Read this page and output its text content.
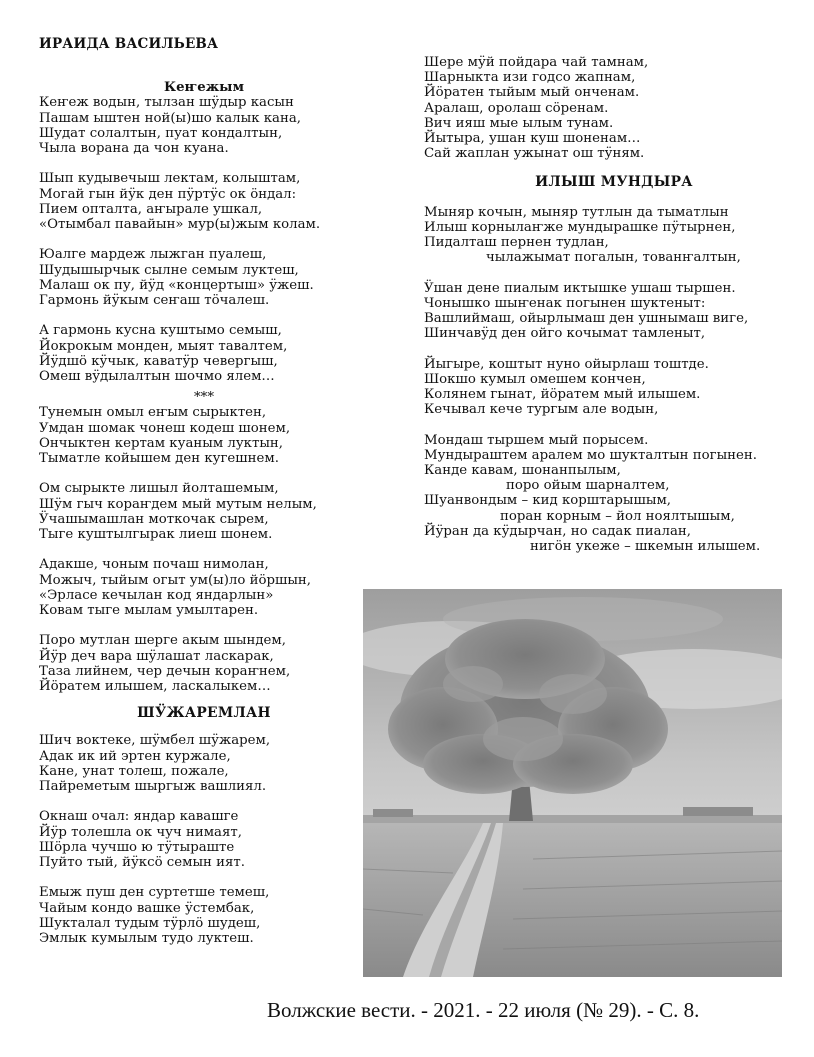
ИРАИДА ВАСИЛЬЕВА
Кеҥежым
Кеҥеж водын, тылзан шӱдыр касын
Пашам ыштен ной(ы)шо калык кана,
Шудат солалтын, пуат кондалтын,
Чыла ворана да чон куана.
Шып кудывечыш лектам, колыштам,
Могай гын йӱк ден пӱртӱс ок ӧндал:
Пием опталта, аҥырале ушкал,
«Отымбал павайын» мур(ы)жым колам.
Юалге мардеж лыжган пуалеш,
Шудышырчык сылне семым луктеш,
Малаш ок пу, йӱд «концертыш» ӱжеш.
Гармонь йӱкым сеҥаш тӧчалеш.
А гармонь кусна куштымо семыш,
Йокрокым монден, мыят тавалтем,
Йӱдшӧ кӱчык, каватӱр чевергыш,
Омеш вӱдылалтын шочмо ялем…
***
Тунемын омыл еҥым сырыктен,
Умдан шомак чонеш кодеш шонем,
Ончыктен кертам куаным луктын,
Тыматле койышем ден кугешнем.
Ом сырыкте лишыл йолташемым,
Шӱм гыч кораҥдем мый мутым нелым,
Ӱчашымашлан моткочак сырем,
Тыге куштылгырак лиеш шонем.
Адакше, чоным почаш нимолан,
Можыч, тыйым огыт ум(ы)ло йӧршын,
«Эрласе кечылан код яндарлын»
Ковам тыге мылам умылтарен.
Поро мутлан шерге акым шындем,
Йӱр деч вара шӱлашат ласкарак,
Таза лийнем, чер дечын кораҥнем,
Йӧратем илышем, ласкалыкем…
ШӰЖАРЕМЛАН
Шич воктеке, шӱмбел шӱжарем,
Адак ик ий эртен куржале,
Кане, унат толеш, пожале,
Пайреметым шыргыж вашлиял.
Окнаш очал: яндар кавашге
Йӱр толешла ок чуч нимаят,
Шӧрла чучшо ю тӱтыраште
Пуйто тый, йӱксӧ семын ият.
Емыж пуш ден суртетше темеш,
Чайым кондо вашке ӱстембак,
Шукталал тудым тӱрлӧ шудеш,
Эмлык кумылым тудо луктеш.
Шере мӱй пойдара чай тамнам,
Шарныкта изи годсо жапнам,
Йӧратен тыйым мый онченам.
Аралаш, оролаш сӧренам.
Вич ияш мые ылым тунам.
Йытыра, ушан куш шоненам…
Сай жаплан ужынат ош тӱням.
ИЛЫШ МУНДЫРА
Мыняр кочын, мыняр тутлын да тыматлын
Илыш корнылаҥже мундырашке пӱтырнен,
Пидалташ пернен тудлан,
чылажымат погалын, тованҥалтын,
Ӱшан дене пиалым иктышке ушаш тыршен.
Чонышко шыҥенак погынен шуктеныт:
Вашлиймаш, ойырлымаш ден ушнымаш виге,
Шинчавӱд ден ойго кочымат тамленыт,
Йыгыре, коштыт нуно ойырлаш тоштде.
Шокшо кумыл омешем кончен,
Колянем гынат, йӧратем мый илышем.
Кечывал кече тургым але водын,
Мондаш тыршем мый порысем.
Мундыраштем аралем мо шукталтын погынен.
Канде кавам, шонанпылым,
поро ойым шарналтем,
Шуанвондым – кид корштарышым,
поран корным – йол ноялтышым,
Йӱран да кӱдырчан, но садак пиалан,
нигӧн укеже – шкемын илышем.
Волжские вести. - 2021. - 22 июля (№ 29). - С. 8.
